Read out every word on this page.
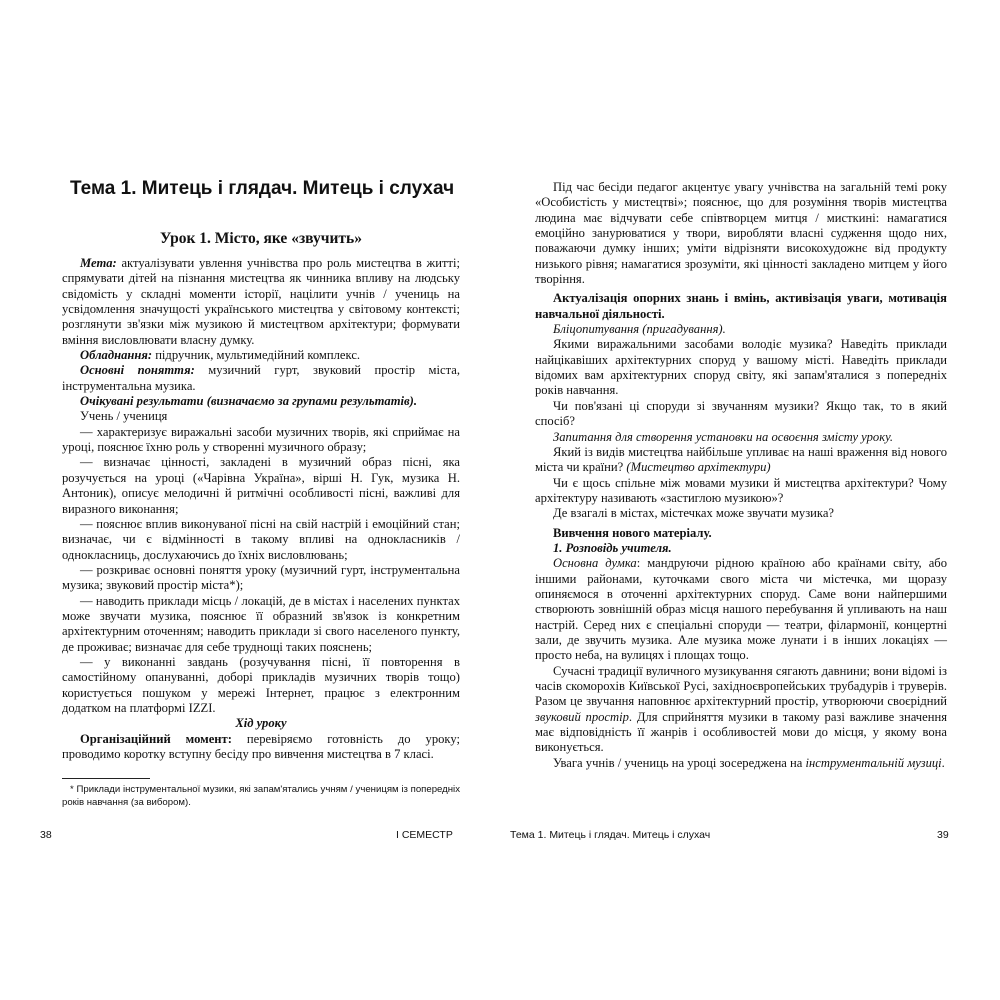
Тема 1. Митець і глядач. Митець і слухач
Урок 1. Місто, яке «звучить»

Мета: актуалізувати увлення учнівства про роль мистецтва в житті; спрямувати дітей на пізнання мистецтва як чинника впливу на людську свідомість у складні моменти історії, націлити учнів / учениць на усвідомлення значущості українського мистецтва у світовому контексті; розглянути зв'язки між музикою й мистецтвом архітектури; формувати вміння висловлювати власну думку.

Обладнання: підручник, мультимедійний комплекс.

Основні поняття: музичний гурт, звуковий простір міста, інструментальна музика.

Очікувані результати (визначаємо за групами результатів).

Учень / учениця

— характеризує виражальні засоби музичних творів, які сприймає на уроці, пояснює їхню роль у створенні музичного образу;

— визначає цінності, закладені в музичний образ пісні, яка розучується на уроці («Чарівна Україна», вірші Н. Гук, музика Н. Антоник), описує мелодичні й ритмічні особливості пісні, важливі для виразного виконання;

— пояснює вплив виконуваної пісні на свій настрій і емоційний стан; визначає, чи є відмінності в такому впливі на однокласників / однокласниць, дослухаючись до їхніх висловлювань;

— розкриває основні поняття уроку (музичний гурт, інструментальна музика; звуковий простір міста*);

— наводить приклади місць / локацій, де в містах і населених пунктах може звучати музика, пояснює її образний зв'язок із конкретним архітектурним оточенням; наводить приклади зі свого населеного пункту, де проживає; визначає для себе труднощі таких пояснень;

— у виконанні завдань (розучування пісні, її повторення в самостійному опануванні, доборі прикладів музичних творів тощо) користується пошуком у мережі Інтернет, працює з електронним додатком на платформі IZZI.

Хід уроку

Організаційний момент: перевіряємо готовність до уроку; проводимо коротку вступну бесіду про вивчення мистецтва в 7 класі.

* Приклади інструментальної музики, які запам'ятались учням / ученицям із попередніх років навчання (за вибором).

38	І СЕМЕСТР

Під час бесіди педагог акцентує увагу учнівства на загальній темі року «Особистість у мистецтві»; пояснює, що для розуміння творів мистецтва людина має відчувати себе співтворцем митця / мисткині: намагатися емоційно занурюватися у твори, виробляти власні судження щодо них, поважаючи думку інших; уміти відрізняти високохудожнє від продукту низького рівня; намагатися зрозуміти, які цінності закладено митцем у його творіння.

Актуалізація опорних знань і вмінь, активізація уваги, мотивація навчальної діяльності.

Бліцопитування (пригадування).

Якими виражальними засобами володіє музика? Наведіть приклади найцікавіших архітектурних споруд у вашому місті. Наведіть приклади відомих вам архітектурних споруд світу, які запам'яталися з попередніх років навчання.

Чи пов'язані ці споруди зі звучанням музики? Якщо так, то в який спосіб?

Запитання для створення установки на освоєння змісту уроку.

Який із видів мистецтва найбільше упливає на наші враження від нового міста чи країни? (Мистецтво архітектури)

Чи є щось спільне між мовами музики й мистецтва архітектури? Чому архітектуру називають «застиглою музикою»?

Де взагалі в містах, містечках може звучати музика?

Вивчення нового матеріалу.

1. Розповідь учителя.

Основна думка: мандруючи рідною країною або країнами світу, або іншими районами, куточками свого міста чи містечка, ми щоразу опиняємося в оточенні архітектурних споруд. Саме вони найпершими створюють зовнішній образ місця нашого перебування й упливають на наш настрій. Серед них є спеціальні споруди — театри, філармонії, концертні зали, де звучить музика. Але музика може лунати і в інших локаціях — просто неба, на вулицях і площах тощо.

Сучасні традиції вуличного музикування сягають давнини; вони відомі із часів скоморохів Київської Русі, західноєвропейських трубадурів і труверів. Разом це звучання наповнює архітектурний простір, утворюючи своєрідний звуковий простір. Для сприйняття музики в такому разі важливе значення має відповідність її жанрів і особливостей мови до місця, у якому вона виконується.

Увага учнів / учениць на уроці зосереджена на інструментальній музиці.

Тема 1. Митець і глядач. Митець і слухач	39
